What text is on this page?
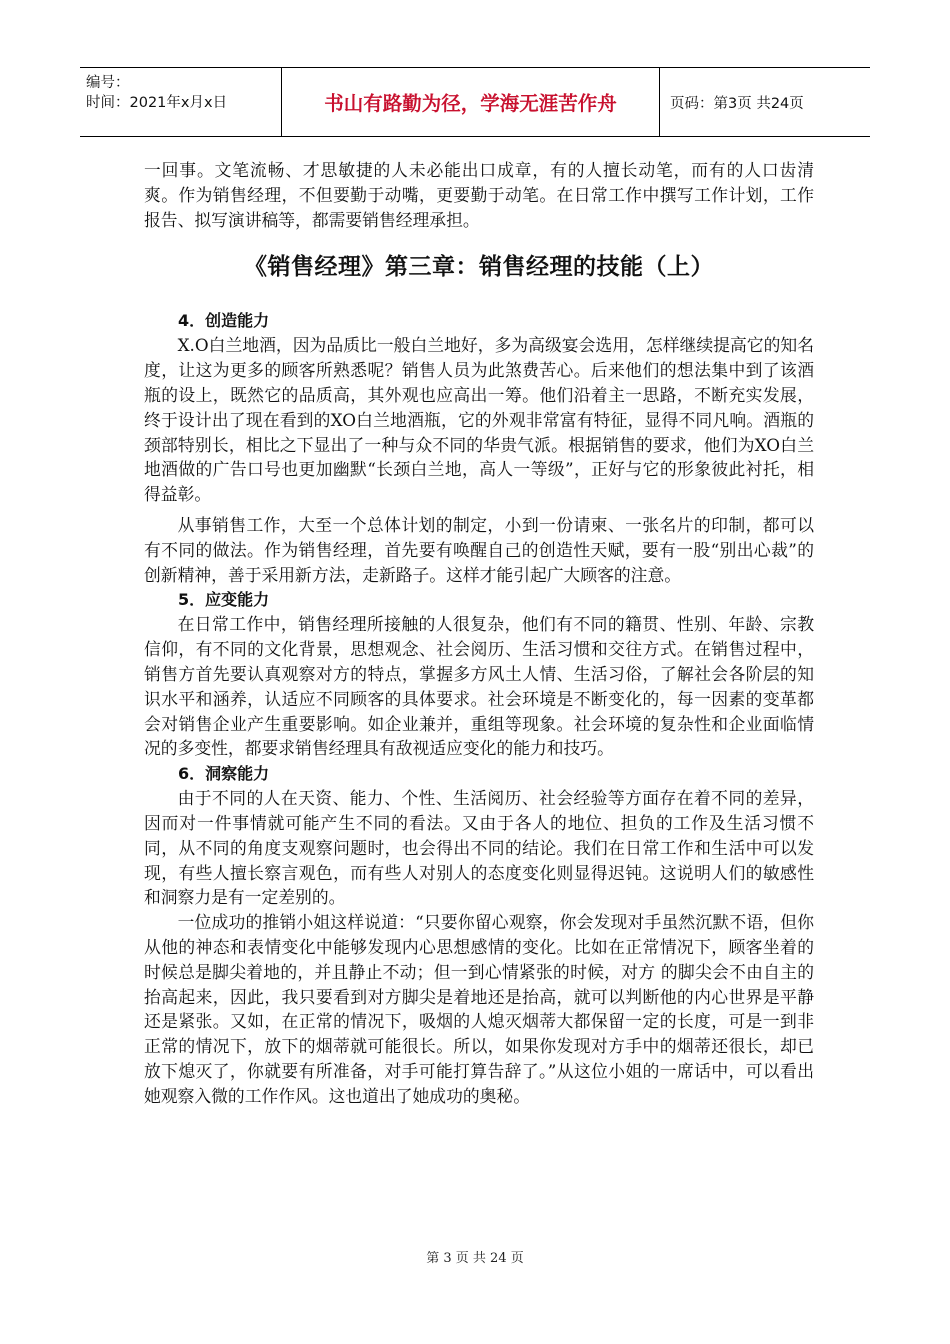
编号：
时间：2021年x月x日	书山有路勤为径，学海无涯苦作舟	页码：第3页 共24页

一回事。文笔流畅、才思敏捷的人未必能出口成章，有的人擅长动笔，而有的人口齿清爽。作为销售经理，不但要勤于动嘴，更要勤于动笔。在日常工作中撰写工作计划，工作报告、拟写演讲稿等，都需要销售经理承担。

《销售经理》第三章：销售经理的技能（上）
4．创造能力

X.O白兰地酒，因为品质比一般白兰地好，多为高级宴会选用，怎样继续提高它的知名度，让这为更多的顾客所熟悉呢？销售人员为此煞费苦心。后来他们的想法集中到了该酒瓶的设上，既然它的品质高，其外观也应高出一筹。他们沿着主一思路，不断充实发展，终于设计出了现在看到的XO白兰地酒瓶，它的外观非常富有特征，显得不同凡响。酒瓶的颈部特别长，相比之下显出了一种与众不同的华贵气派。根据销售的要求，他们为XO白兰地酒做的广告口号也更加幽默“长颈白兰地，高人一等级”，正好与它的形象彼此衬托，相得益彰。

从事销售工作，大至一个总体计划的制定，小到一份请柬、一张名片的印制，都可以有不同的做法。作为销售经理，首先要有唤醒自己的创造性天赋，要有一股“别出心裁”的创新精神，善于采用新方法，走新路子。这样才能引起广大顾客的注意。

5．应变能力

在日常工作中，销售经理所接触的人很复杂，他们有不同的籍贯、性别、年龄、宗教信仰，有不同的文化背景，思想观念、社会阅历、生活习惯和交往方式。在销售过程中，销售方首先要认真观察对方的特点，掌握多方风土人情、生活习俗，了解社会各阶层的知识水平和涵养，认适应不同顾客的具体要求。社会环境是不断变化的，每一因素的变革都会对销售企业产生重要影响。如企业兼并，重组等现象。社会环境的复杂性和企业面临情况的多变性，都要求销售经理具有敌视适应变化的能力和技巧。

6．洞察能力

由于不同的人在天资、能力、个性、生活阅历、社会经验等方面存在着不同的差异，因而对一件事情就可能产生不同的看法。又由于各人的地位、担负的工作及生活习惯不同，从不同的角度支观察问题时，也会得出不同的结论。我们在日常工作和生活中可以发现，有些人擅长察言观色，而有些人对别人的态度变化则显得迟钝。这说明人们的敏感性和洞察力是有一定差别的。

一位成功的推销小姐这样说道：“只要你留心观察，你会发现对手虽然沉默不语，但你从他的神态和表情变化中能够发现内心思想感情的变化。比如在正常情况下，顾客坐着的时候总是脚尖着地的，并且静止不动；但一到心情紧张的时候，对方 的脚尖会不由自主的抬高起来，因此，我只要看到对方脚尖是着地还是抬高，就可以判断他的内心世界是平静还是紧张。又如，在正常的情况下，吸烟的人熄灭烟蒂大都保留一定的长度，可是一到非正常的情况下，放下的烟蒂就可能很长。所以，如果你发现对方手中的烟蒂还很长，却已放下熄灭了，你就要有所准备，对手可能打算告辞了。”从这位小姐的一席话中，可以看出她观察入微的工作作风。这也道出了她成功的奥秘。

第 3 页 共 24 页
